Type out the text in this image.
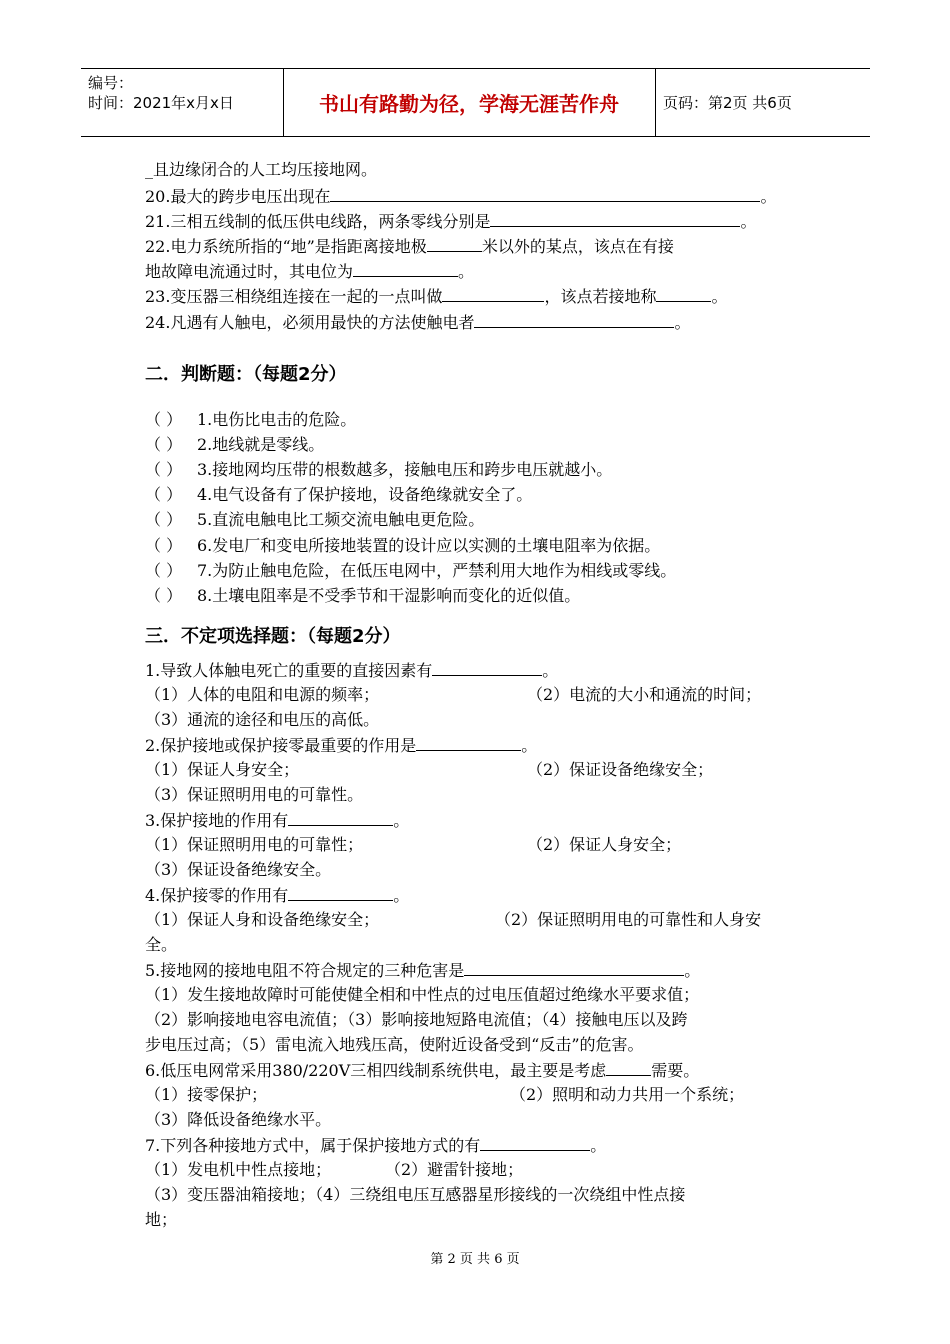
编号：
时间：2021年x月x日	书山有路勤为径，学海无涯苦作舟	页码：第2页 共6页
_且边缘闭合的人工均压接地网。
20.最大的跨步电压出现在	。
21.三相五线制的低压供电线路，两条零线分别是	。
22.电力系统所指的“地”是指距离接地极	米以外的某点，该点在有接
地故障电流通过时，其电位为	。
23.变压器三相绕组连接在一起的一点叫做	，该点若接地称	。
24.凡遇有人触电，必须用最快的方法使触电者	。
二．判断题：（每题2分）
（ ） 1.电伤比电击的危险。
（ ） 2.地线就是零线。
（ ） 3.接地网均压带的根数越多，接触电压和跨步电压就越小。
（ ） 4.电气设备有了保护接地，设备绝缘就安全了。
（ ） 5.直流电触电比工频交流电触电更危险。
（ ） 6.发电厂和变电所接地装置的设计应以实测的土壤电阻率为依据。
（ ） 7.为防止触电危险，在低压电网中，严禁利用大地作为相线或零线。
（ ） 8.土壤电阻率是不受季节和干湿影响而变化的近似值。
三．不定项选择题：（每题2分）
1.导致人体触电死亡的重要的直接因素有	。
（1）人体的电阻和电源的频率；	（2）电流的大小和通流的时间；
（3）通流的途径和电压的高低。
2.保护接地或保护接零最重要的作用是	。
（1）保证人身安全；	（2）保证设备绝缘安全；
（3）保证照明用电的可靠性。
3.保护接地的作用有	。
（1）保证照明用电的可靠性；	（2）保证人身安全；
（3）保证设备绝缘安全。
4.保护接零的作用有	。
（1）保证人身和设备绝缘安全；	（2）保证照明用电的可靠性和人身安
全。
5.接地网的接地电阻不符合规定的三种危害是	。
（1）发生接地故障时可能使健全相和中性点的过电压值超过绝缘水平要求值；
（2）影响接地电容电流值；（3）影响接地短路电流值；（4）接触电压以及跨
步电压过高；（5）雷电流入地残压高，使附近设备受到“反击”的危害。
6.低压电网常采用380/220V三相四线制系统供电，最主要是考虑	需要。
（1）接零保护；	（2）照明和动力共用一个系统；
（3）降低设备绝缘水平。
7.下列各种接地方式中，属于保护接地方式的有	。
（1）发电机中性点接地；	（2）避雷针接地；
（3）变压器油箱接地；（4）三绕组电压互感器星形接线的一次绕组中性点接
地；
第 2 页 共 6 页
